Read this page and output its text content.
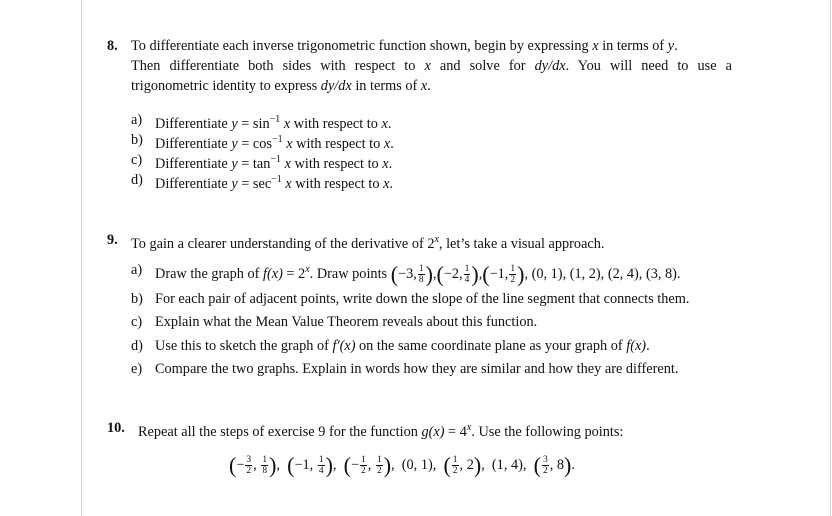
8. To differentiate each inverse trigonometric function shown, begin by expressing x in terms of y.
Then differentiate both sides with respect to x and solve for dy/dx. You will need to use a
trigonometric identity to express dy/dx in terms of x.
a) Differentiate $y = \sin^{-1} x$ with respect to x.
b) Differentiate $y = \cos^{-1} x$ with respect to x.
c) Differentiate $y = \tan^{-1} x$ with respect to x.
d) Differentiate $y = \sec^{-1} x$ with respect to x.
9. To gain a clearer understanding of the derivative of 2$^x$, let’s take a visual approach.
a) Draw the graph of $f(x) = 2^x$. Draw points (−3, $\frac{1}{8} ),(-2$, $\frac{1}{4} ),(-1$, $\frac{1}{2}$ ), (0, 1), (1, 2), (2, 4), (3, 8).
b) For each pair of adjacent points, write down the slope of the line segment that connects them.
c) Explain what the Mean Value Theorem reveals about this function.
d) Use this to sketch the graph of f′(x) on the same coordinate plane as your graph of f(x).
e) Compare the two graphs. Explain in words how they are similar and how they are different.
10. Repeat all the steps of exercise 9 for the function $g(x) = 4^x$. Use the following points:
(− $\frac{3}{2}$ , $\frac{1}{8}$ ),  (−1, $\frac{1}{4}$ ),  (− $\frac{1}{2}$ , $\frac{1}{2}$ ),  (0, 1), ( $\frac{1}{2}$ , 2),  (1, 4), ( $\frac{3}{2}$ , 8).
